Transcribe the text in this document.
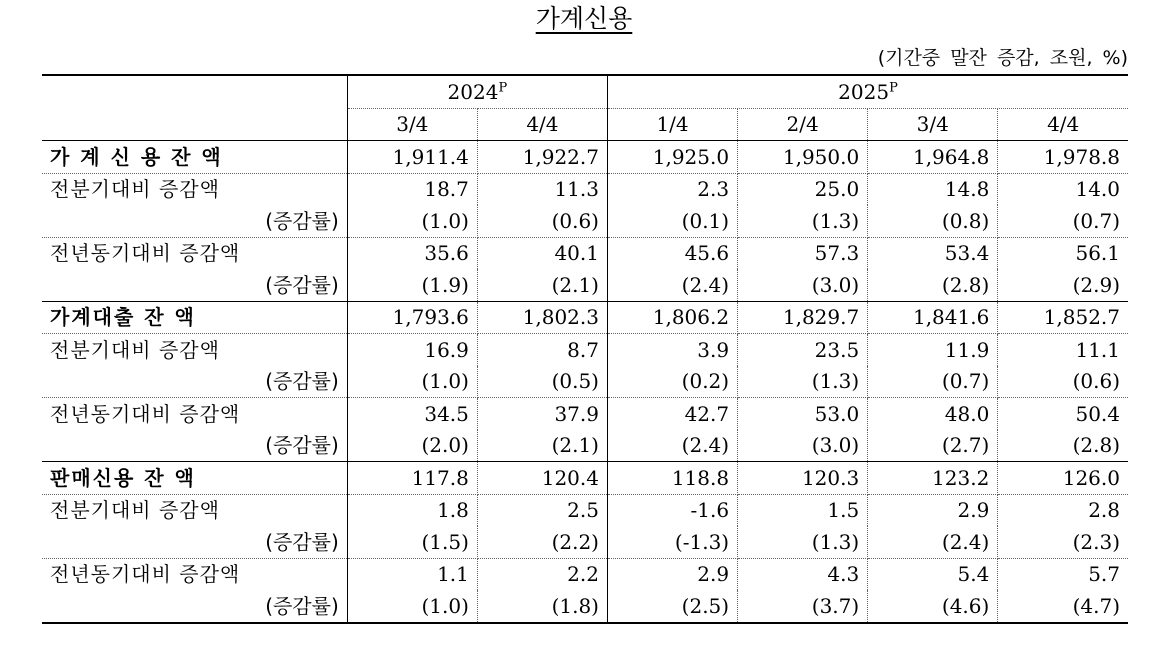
가계신용
(기간중 말잔 증감, 조원, %)
	$2024^P$		$2025^P$
	3/4	4/4	1/4	2/4	3/4	4/4
가 계 신 용 잔 액	1,911.4	1,922.7	1,925.0	1,950.0	1,964.8	1,978.8
전분기대비 증감액	18.7	11.3	2.3	25.0	14.8	14.0
(증감률)	(1.0)	(0.6)	(0.1)	(1.3)	(0.8)	(0.7)
전년동기대비 증감액	35.6	40.1	45.6	57.3	53.4	56.1
(증감률)	(1.9)	(2.1)	(2.4)	(3.0)	(2.8)	(2.9)
가계대출 잔 액	1,793.6	1,802.3	1,806.2	1,829.7	1,841.6	1,852.7
전분기대비 증감액	16.9	8.7	3.9	23.5	11.9	11.1
(증감률)	(1.0)	(0.5)	(0.2)	(1.3)	(0.7)	(0.6)
전년동기대비 증감액	34.5	37.9	42.7	53.0	48.0	50.4
(증감률)	(2.0)	(2.1)	(2.4)	(3.0)	(2.7)	(2.8)
판매신용 잔 액	117.8	120.4	118.8	120.3	123.2	126.0
전분기대비 증감액	1.8	2.5	-1.6	1.5	2.9	2.8
(증감률)	(1.5)	(2.2)	(-1.3)	(1.3)	(2.4)	(2.3)
전년동기대비 증감액	1.1	2.2	2.9	4.3	5.4	5.7
(증감률)	(1.0)	(1.8)	(2.5)	(3.7)	(4.6)	(4.7)
